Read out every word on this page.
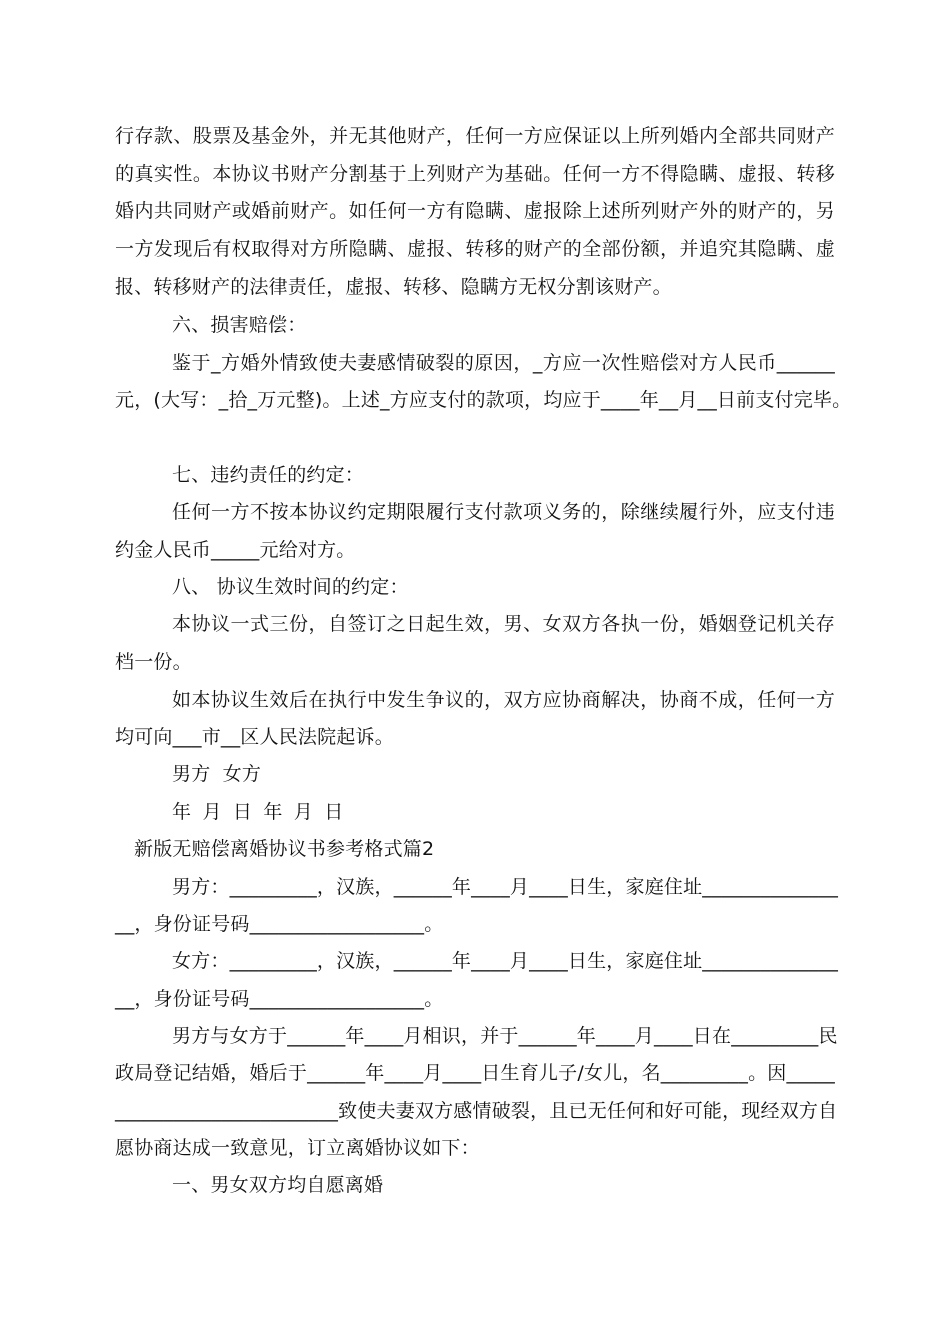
行存款、股票及基金外，并无其他财产，任何一方应保证以上所列婚内全部共同财产
的真实性。本协议书财产分割基于上列财产为基础。任何一方不得隐瞒、虚报、转移
婚内共同财产或婚前财产。如任何一方有隐瞒、虚报除上述所列财产外的财产的，另
一方发现后有权取得对方所隐瞒、虚报、转移的财产的全部份额，并追究其隐瞒、虚
报、转移财产的法律责任，虚报、转移、隐瞒方无权分割该财产。
六、损害赔偿：
鉴于_方婚外情致使夫妻感情破裂的原因，_方应一次性赔偿对方人民币______
元，(大写：_拾_万元整)。上述_方应支付的款项，均应于____年__月__日前支付完毕。
七、违约责任的约定：
任何一方不按本协议约定期限履行支付款项义务的，除继续履行外，应支付违
约金人民币_____元给对方。
八、 协议生效时间的约定：
本协议一式三份，自签订之日起生效，男、女双方各执一份，婚姻登记机关存
档一份。
如本协议生效后在执行中发生争议的，双方应协商解决，协商不成，任何一方
均可向___市__区人民法院起诉。
男方 女方
年 月 日 年 月 日
新版无赔偿离婚协议书参考格式篇2
男方：_________，汉族，______年____月____日生，家庭住址______________
__，身份证号码__________________。
女方：_________，汉族，______年____月____日生，家庭住址______________
__，身份证号码__________________。
男方与女方于______年____月相识，并于______年____月____日在_________民
政局登记结婚，婚后于______年____月____日生育儿子/女儿，名_________。因_____
_______________________致使夫妻双方感情破裂，且已无任何和好可能，现经双方自
愿协商达成一致意见，订立离婚协议如下：
一、男女双方均自愿离婚
